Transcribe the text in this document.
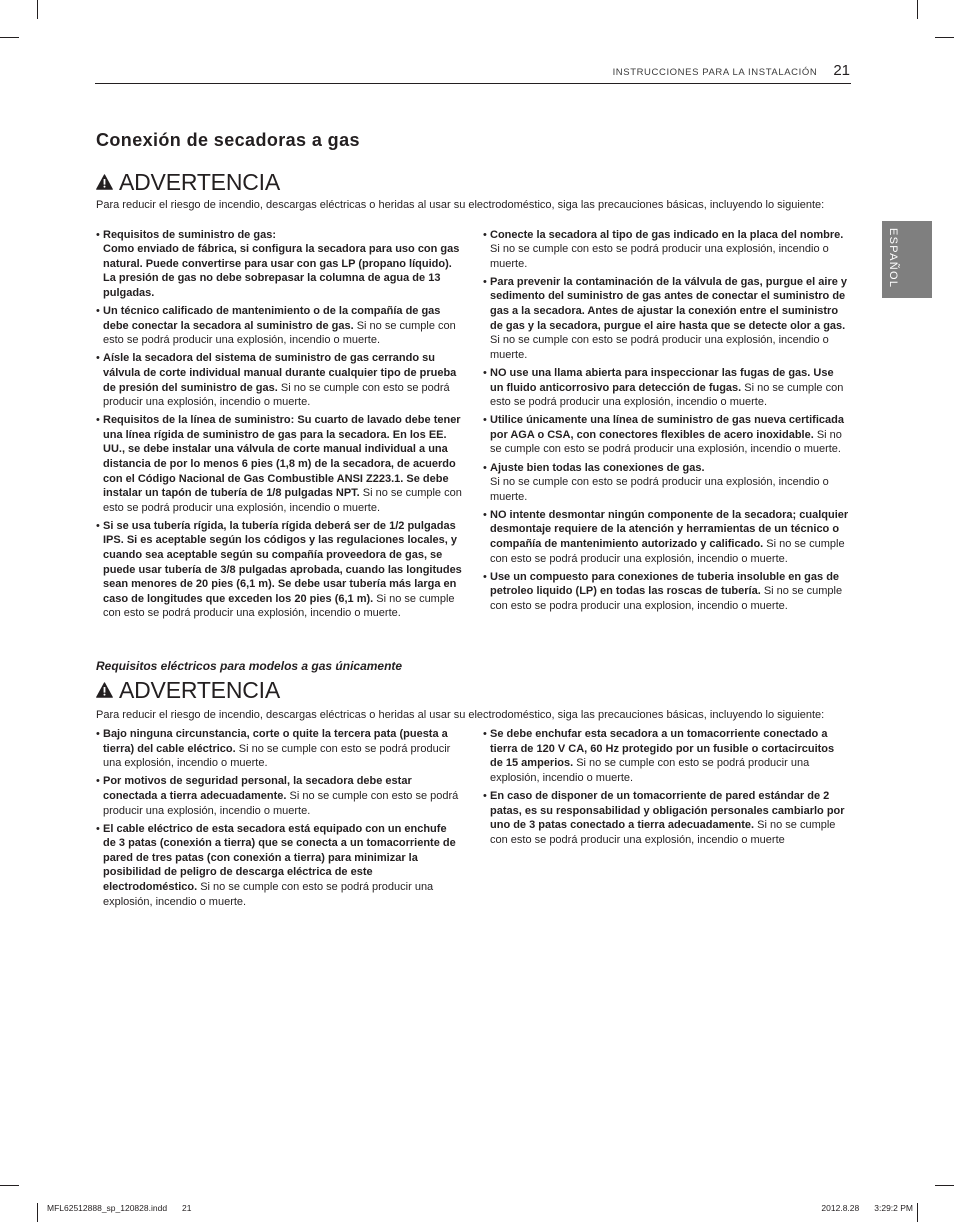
INSTRUCCIONES PARA LA INSTALACIÓN 21
ESPAÑOL
Conexión de secadoras a gas
ADVERTENCIA

Para reducir el riesgo de incendio, descargas eléctricas o heridas al usar su electrodoméstico, siga las precauciones básicas, incluyendo lo siguiente:

• Requisitos de suministro de gas:
Como enviado de fábrica, si configura la secadora para uso con gas natural. Puede convertirse para usar con gas LP (propano líquido). La presión de gas no debe sobrepasar la columna de agua de 13 pulgadas.
• Un técnico calificado de mantenimiento o de la compañía de gas debe conectar la secadora al suministro de gas. Si no se cumple con esto se podrá producir una explosión, incendio o muerte.
• Aísle la secadora del sistema de suministro de gas cerrando su válvula de corte individual manual durante cualquier tipo de prueba de presión del suministro de gas. Si no se cumple con esto se podrá producir una explosión, incendio o muerte.
• Requisitos de la línea de suministro: Su cuarto de lavado debe tener una línea rígida de suministro de gas para la secadora. En los EE. UU., se debe instalar una válvula de corte manual individual a una distancia de por lo menos 6 pies (1,8 m) de la secadora, de acuerdo con el Código Nacional de Gas Combustible ANSI Z223.1. Se debe instalar un tapón de tubería de 1/8 pulgadas NPT. Si no se cumple con esto se podrá producir una explosión, incendio o muerte.
• Si se usa tubería rígida, la tubería rígida deberá ser de 1/2 pulgadas IPS. Si es aceptable según los códigos y las regulaciones locales, y cuando sea aceptable según su compañía proveedora de gas, se puede usar tubería de 3/8 pulgadas aprobada, cuando las longitudes sean menores de 20 pies (6,1 m). Se debe usar tubería más larga en caso de longitudes que exceden los 20 pies (6,1 m). Si no se cumple con esto se podrá producir una explosión, incendio o muerte.
• Conecte la secadora al tipo de gas indicado en la placa del nombre. Si no se cumple con esto se podrá producir una explosión, incendio o muerte.
• Para prevenir la contaminación de la válvula de gas, purgue el aire y sedimento del suministro de gas antes de conectar el suministro de gas a la secadora. Antes de ajustar la conexión entre el suministro de gas y la secadora, purgue el aire hasta que se detecte olor a gas. Si no se cumple con esto se podrá producir una explosión, incendio o muerte.
• NO use una llama abierta para inspeccionar las fugas de gas. Use un fluido anticorrosivo para detección de fugas. Si no se cumple con esto se podrá producir una explosión, incendio o muerte.
• Utilice únicamente una línea de suministro de gas nueva certificada por AGA o CSA, con conectores flexibles de acero inoxidable. Si no se cumple con esto se podrá producir una explosión, incendio o muerte.
• Ajuste bien todas las conexiones de gas.
Si no se cumple con esto se podrá producir una explosión, incendio o muerte.
• NO intente desmontar ningún componente de la secadora; cualquier desmontaje requiere de la atención y herramientas de un técnico o compañía de mantenimiento autorizado y calificado. Si no se cumple con esto se podrá producir una explosión, incendio o muerte.
• Use un compuesto para conexiones de tuberia insoluble en gas de petroleo liquido (LP) en todas las roscas de tubería. Si no se cumple con esto se podra producir una explosion, incendio o muerte.
Requisitos eléctricos para modelos a gas únicamente
ADVERTENCIA

Para reducir el riesgo de incendio, descargas eléctricas o heridas al usar su electrodoméstico, siga las precauciones básicas, incluyendo lo siguiente:

• Bajo ninguna circunstancia, corte o quite la tercera pata (puesta a tierra) del cable eléctrico. Si no se cumple con esto se podrá producir una explosión, incendio o muerte.
• Por motivos de seguridad personal, la secadora debe estar conectada a tierra adecuadamente. Si no se cumple con esto se podrá producir una explosión, incendio o muerte.
• El cable eléctrico de esta secadora está equipado con un enchufe de 3 patas (conexión a tierra) que se conecta a un tomacorriente de pared de tres patas (con conexión a tierra) para minimizar la posibilidad de peligro de descarga eléctrica de este electrodoméstico. Si no se cumple con esto se podrá producir una explosión, incendio o muerte.
• Se debe enchufar esta secadora a un tomacorriente conectado a tierra de 120 V CA, 60 Hz protegido por un fusible o cortacircuitos de 15 amperios. Si no se cumple con esto se podrá producir una explosión, incendio o muerte.
• En caso de disponer de un tomacorriente de pared estándar de 2 patas, es su responsabilidad y obligación personales cambiarlo por uno de 3 patas conectado a tierra adecuadamente. Si no se cumple con esto se podrá producir una explosión, incendio o muerte
MFL62512888_sp_120828.indd 21	2012.8.28 3:29:2 PM
